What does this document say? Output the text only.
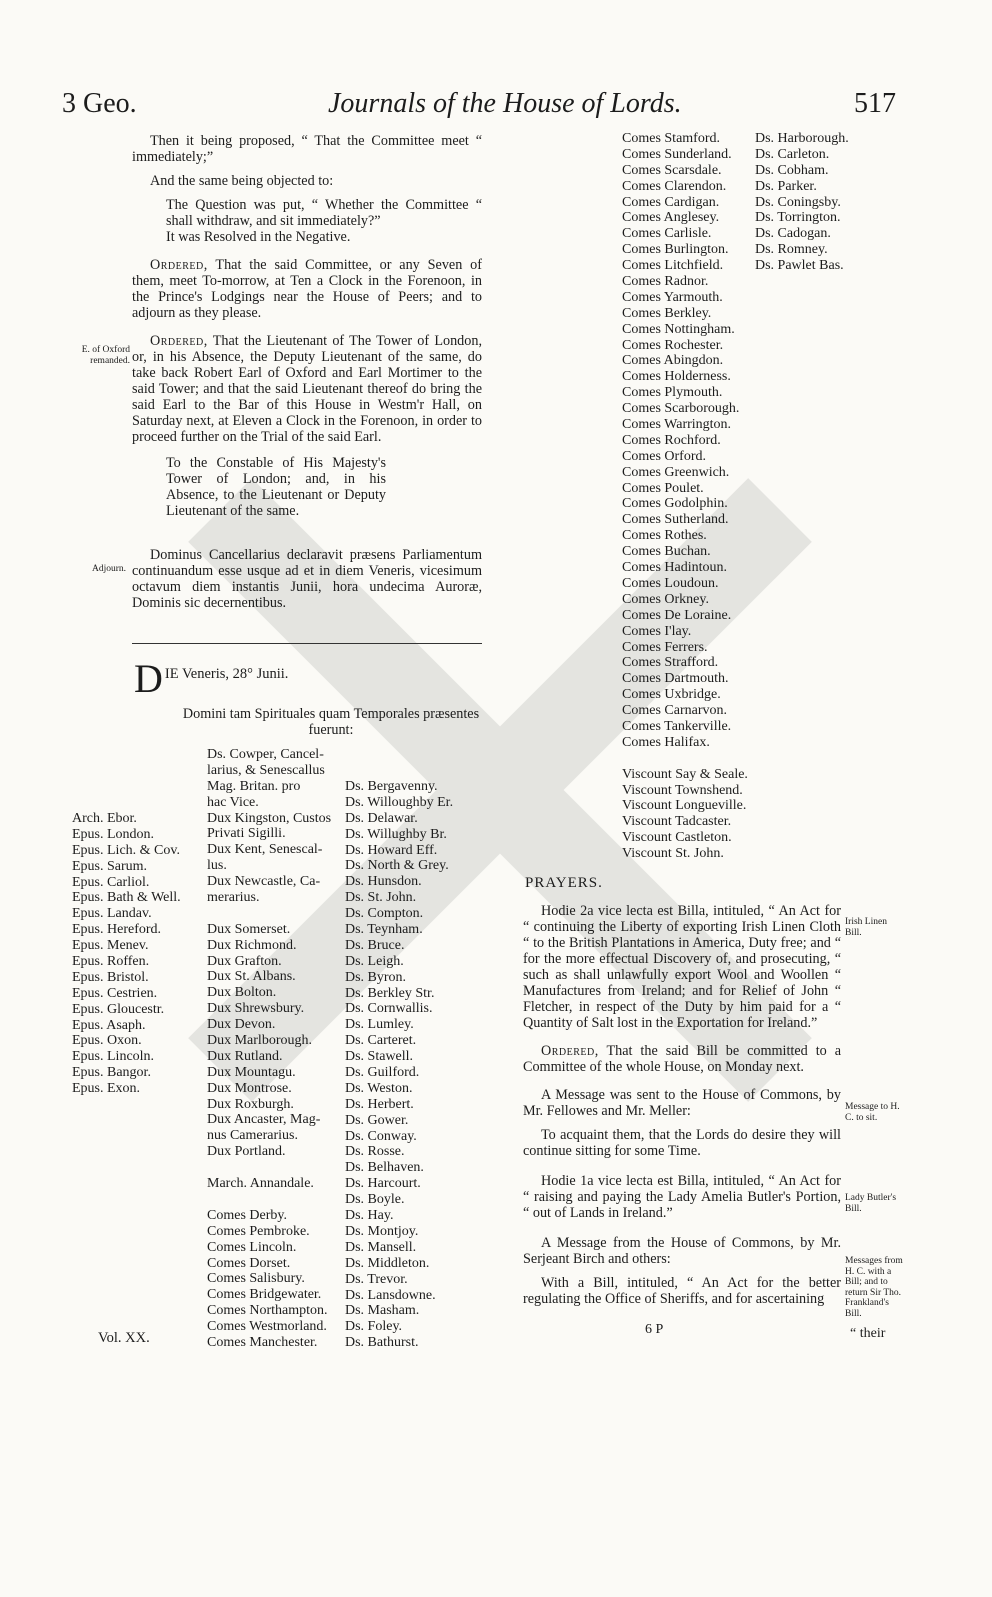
3 Geo.	Journals of the House of Lords.	517

Then it being proposed, “ That the Committee meet “ immediately;”

And the same being objected to:

The Question was put, “ Whether the Committee “ shall withdraw, and sit immediately?”

It was Resolved in the Negative.

Ordered, That the said Committee, or any Seven of them, meet To-morrow, at Ten a Clock in the Forenoon, in the Prince's Lodgings near the House of Peers; and to adjourn as they please.

Ordered, That the Lieutenant of The Tower of London, or, in his Absence, the Deputy Lieutenant of the same, do take back Robert Earl of Oxford and Earl Mortimer to the said Tower; and that the said Lieutenant thereof do bring the said Earl to the Bar of this House in Westm'r Hall, on Saturday next, at Eleven a Clock in the Forenoon, in order to proceed further on the Trial of the said Earl.

To the Constable of His Majesty's Tower of London; and, in his Absence, to the Lieutenant or Deputy Lieutenant of the same.

Dominus Cancellarius declaravit præsens Parliamentum continuandum esse usque ad et in diem Veneris, vicesimum octavum diem instantis Junii, hora undecima Auroræ, Dominis sic decernentibus.

E. of Oxford remanded.
Adjourn.
DIE Veneris, 28° Junii.
Domini tam Spirituales quam Temporales præsentes fuerunt:
Arch. Ebor.
Epus. London.
Epus. Lich. & Cov.
Epus. Sarum.
Epus. Carliol.
Epus. Bath & Well.
Epus. Landav.
Epus. Hereford.
Epus. Menev.
Epus. Roffen.
Epus. Bristol.
Epus. Cestrien.
Epus. Gloucestr.
Epus. Asaph.
Epus. Oxon.
Epus. Lincoln.
Epus. Bangor.
Epus. Exon.
Ds. Cowper, Cancel-
larius, & Senescallus
Mag. Britan. pro
hac Vice.
Dux Kingston, Custos
Privati Sigilli.
Dux Kent, Senescal-
lus.
Dux Newcastle, Ca-
merarius.
Dux Somerset.
Dux Richmond.
Dux Grafton.
Dux St. Albans.
Dux Bolton.
Dux Shrewsbury.
Dux Devon.
Dux Marlborough.
Dux Rutland.
Dux Mountagu.
Dux Montrose.
Dux Roxburgh.
Dux Ancaster, Mag-
nus Camerarius.
Dux Portland.
March. Annandale.
Comes Derby.
Comes Pembroke.
Comes Lincoln.
Comes Dorset.
Comes Salisbury.
Comes Bridgewater.
Comes Northampton.
Comes Westmorland.
Comes Manchester.
Ds. Bergavenny.
Ds. Willoughby Er.
Ds. Delawar.
Ds. Willughby Br.
Ds. Howard Eff.
Ds. North & Grey.
Ds. Hunsdon.
Ds. St. John.
Ds. Compton.
Ds. Teynham.
Ds. Bruce.
Ds. Leigh.
Ds. Byron.
Ds. Berkley Str.
Ds. Cornwallis.
Ds. Lumley.
Ds. Carteret.
Ds. Stawell.
Ds. Guilford.
Ds. Weston.
Ds. Herbert.
Ds. Gower.
Ds. Conway.
Ds. Rosse.
Ds. Belhaven.
Ds. Harcourt.
Ds. Boyle.
Ds. Hay.
Ds. Montjoy.
Ds. Mansell.
Ds. Middleton.
Ds. Trevor.
Ds. Lansdowne.
Ds. Masham.
Ds. Foley.
Ds. Bathurst.
Vol. XX.
Comes Stamford.
Comes Sunderland.
Comes Scarsdale.
Comes Clarendon.
Comes Cardigan.
Comes Anglesey.
Comes Carlisle.
Comes Burlington.
Comes Litchfield.
Comes Radnor.
Comes Yarmouth.
Comes Berkley.
Comes Nottingham.
Comes Rochester.
Comes Abingdon.
Comes Holderness.
Comes Plymouth.
Comes Scarborough.
Comes Warrington.
Comes Rochford.
Comes Orford.
Comes Greenwich.
Comes Poulet.
Comes Godolphin.
Comes Sutherland.
Comes Rothes.
Comes Buchan.
Comes Hadintoun.
Comes Loudoun.
Comes Orkney.
Comes De Loraine.
Comes I'lay.
Comes Ferrers.
Comes Strafford.
Comes Dartmouth.
Comes Uxbridge.
Comes Carnarvon.
Comes Tankerville.
Comes Halifax.
Viscount Say & Seale.
Viscount Townshend.
Viscount Longueville.
Viscount Tadcaster.
Viscount Castleton.
Viscount St. John.
Ds. Harborough.
Ds. Carleton.
Ds. Cobham.
Ds. Parker.
Ds. Coningsby.
Ds. Torrington.
Ds. Cadogan.
Ds. Romney.
Ds. Pawlet Bas.

PRAYERS.

Hodie 2a vice lecta est Billa, intituled, “ An Act for “ continuing the Liberty of exporting Irish Linen Cloth “ to the British Plantations in America, Duty free; and “ for the more effectual Discovery of, and prosecuting, “ such as shall unlawfully export Wool and Woollen “ Manufactures from Ireland; and for Relief of John “ Fletcher, in respect of the Duty by him paid for a “ Quantity of Salt lost in the Exportation for Ireland.”

Ordered, That the said Bill be committed to a Committee of the whole House, on Monday next.

A Message was sent to the House of Commons, by Mr. Fellowes and Mr. Meller:

To acquaint them, that the Lords do desire they will continue sitting for some Time.

Hodie 1a vice lecta est Billa, intituled, “ An Act for “ raising and paying the Lady Amelia Butler's Portion, “ out of Lands in Ireland.”

A Message from the House of Commons, by Mr. Serjeant Birch and others:

With a Bill, intituled, “ An Act for the better regulating the Office of Sheriffs, and for ascertaining

Irish Linen Bill.
Message to H. C. to sit.
Lady Butler's Bill.
Messages from H. C. with a Bill; and to return Sir Tho. Frankland's Bill.
6 P	“ their
